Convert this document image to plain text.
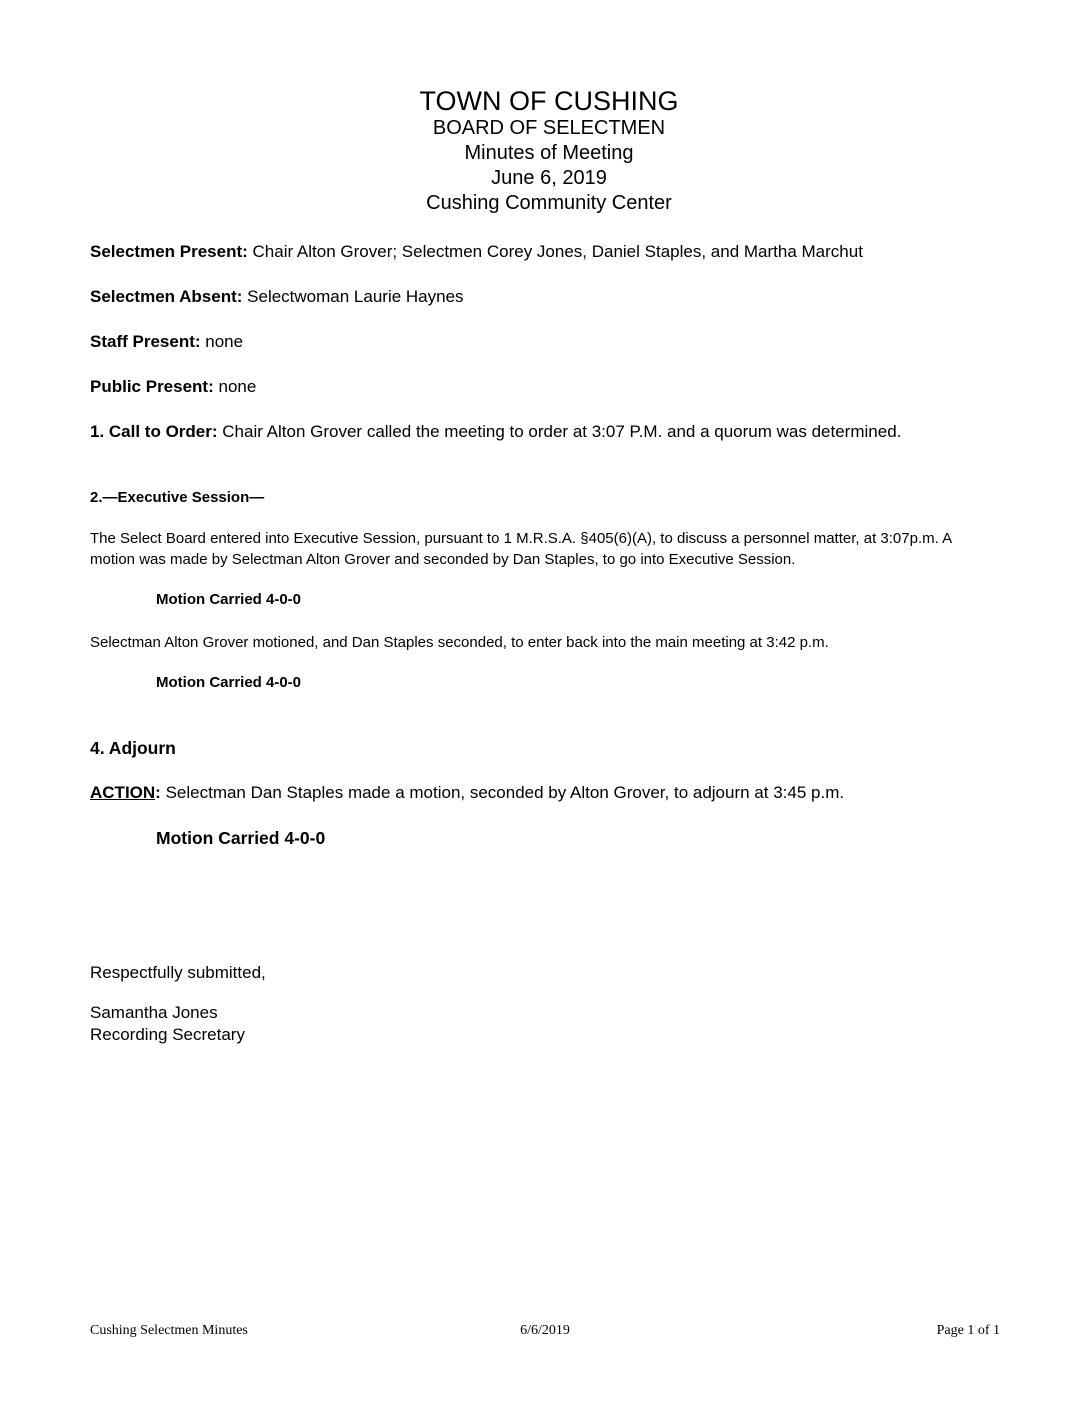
TOWN OF CUSHING
BOARD OF SELECTMEN
Minutes of Meeting
June 6, 2019
Cushing Community Center

Selectmen Present: Chair Alton Grover; Selectmen Corey Jones, Daniel Staples, and Martha Marchut

Selectmen Absent: Selectwoman Laurie Haynes

Staff Present: none

Public Present: none

1. Call to Order: Chair Alton Grover called the meeting to order at 3:07 P.M. and a quorum was determined.

2.—Executive Session—

The Select Board entered into Executive Session, pursuant to 1 M.R.S.A. §405(6)(A), to discuss a personnel matter, at 3:07p.m. A motion was made by Selectman Alton Grover and seconded by Dan Staples, to go into Executive Session.

Motion Carried 4-0-0

Selectman Alton Grover motioned, and Dan Staples seconded, to enter back into the main meeting at 3:42 p.m.

Motion Carried 4-0-0

4. Adjourn

ACTION: Selectman Dan Staples made a motion, seconded by Alton Grover, to adjourn at 3:45 p.m.

Motion Carried 4-0-0

Respectfully submitted,

Samantha Jones

Recording Secretary

6/6/2019
Cushing Selectmen Minutes	Page 1 of 1
